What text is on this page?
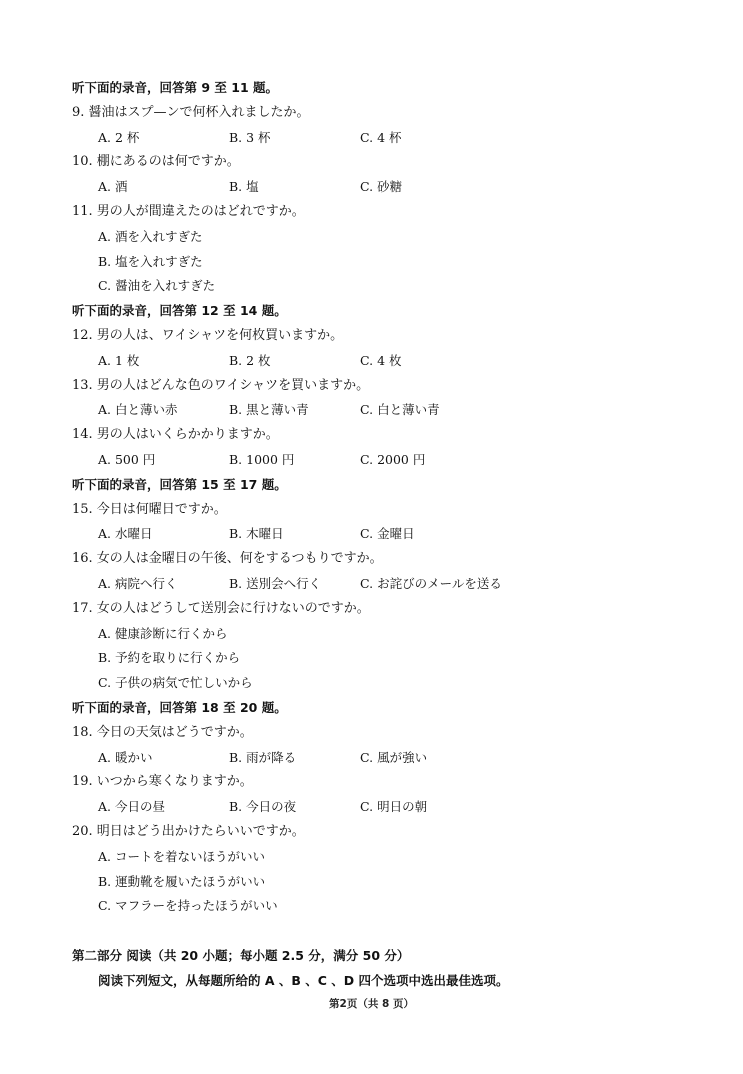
听下面的录音，回答第 9 至 11 题。
9. 醤油はスプ—ンで何杯入れましたか。
A. 2 杯	B. 3 杯	C. 4 杯
10. 棚にあるのは何ですか。
A. 酒	B. 塩	C. 砂糖
11. 男の人が間違えたのはどれですか。
A. 酒を入れすぎた
B. 塩を入れすぎた
C. 醤油を入れすぎた
听下面的录音，回答第 12 至 14 题。
12. 男の人は、ワイシャツを何枚買いますか。
A. 1 枚	B. 2 枚	C. 4 枚
13. 男の人はどんな色のワイシャツを買いますか。
A. 白と薄い赤	B. 黒と薄い青	C. 白と薄い青
14. 男の人はいくらかかりますか。
A. 500 円	B. 1000 円	C. 2000 円
听下面的录音，回答第 15 至 17 题。
15. 今日は何曜日ですか。
A. 水曜日	B. 木曜日	C. 金曜日
16. 女の人は金曜日の午後、何をするつもりですか。
A. 病院へ行く	B. 送別会へ行く	C. お詫びのメールを送る
17. 女の人はどうして送別会に行けないのですか。
A. 健康診断に行くから
B. 予約を取りに行くから
C. 子供の病気で忙しいから
听下面的录音，回答第 18 至 20 题。
18. 今日の天気はどうですか。
A. 暖かい	B. 雨が降る	C. 風が強い
19. いつから寒くなりますか。
A. 今日の昼	B. 今日の夜	C. 明日の朝
20. 明日はどう出かけたらいいですか。
A. コートを着ないほうがいい
B. 運動靴を履いたほうがいい
C. マフラーを持ったほうがいい
第二部分 阅读（共 20 小题；每小题 2.5 分，满分 50 分）
阅读下列短文，从每题所给的 A 、B 、C 、D 四个选项中选出最佳选项。
第2页（共 8 页）
